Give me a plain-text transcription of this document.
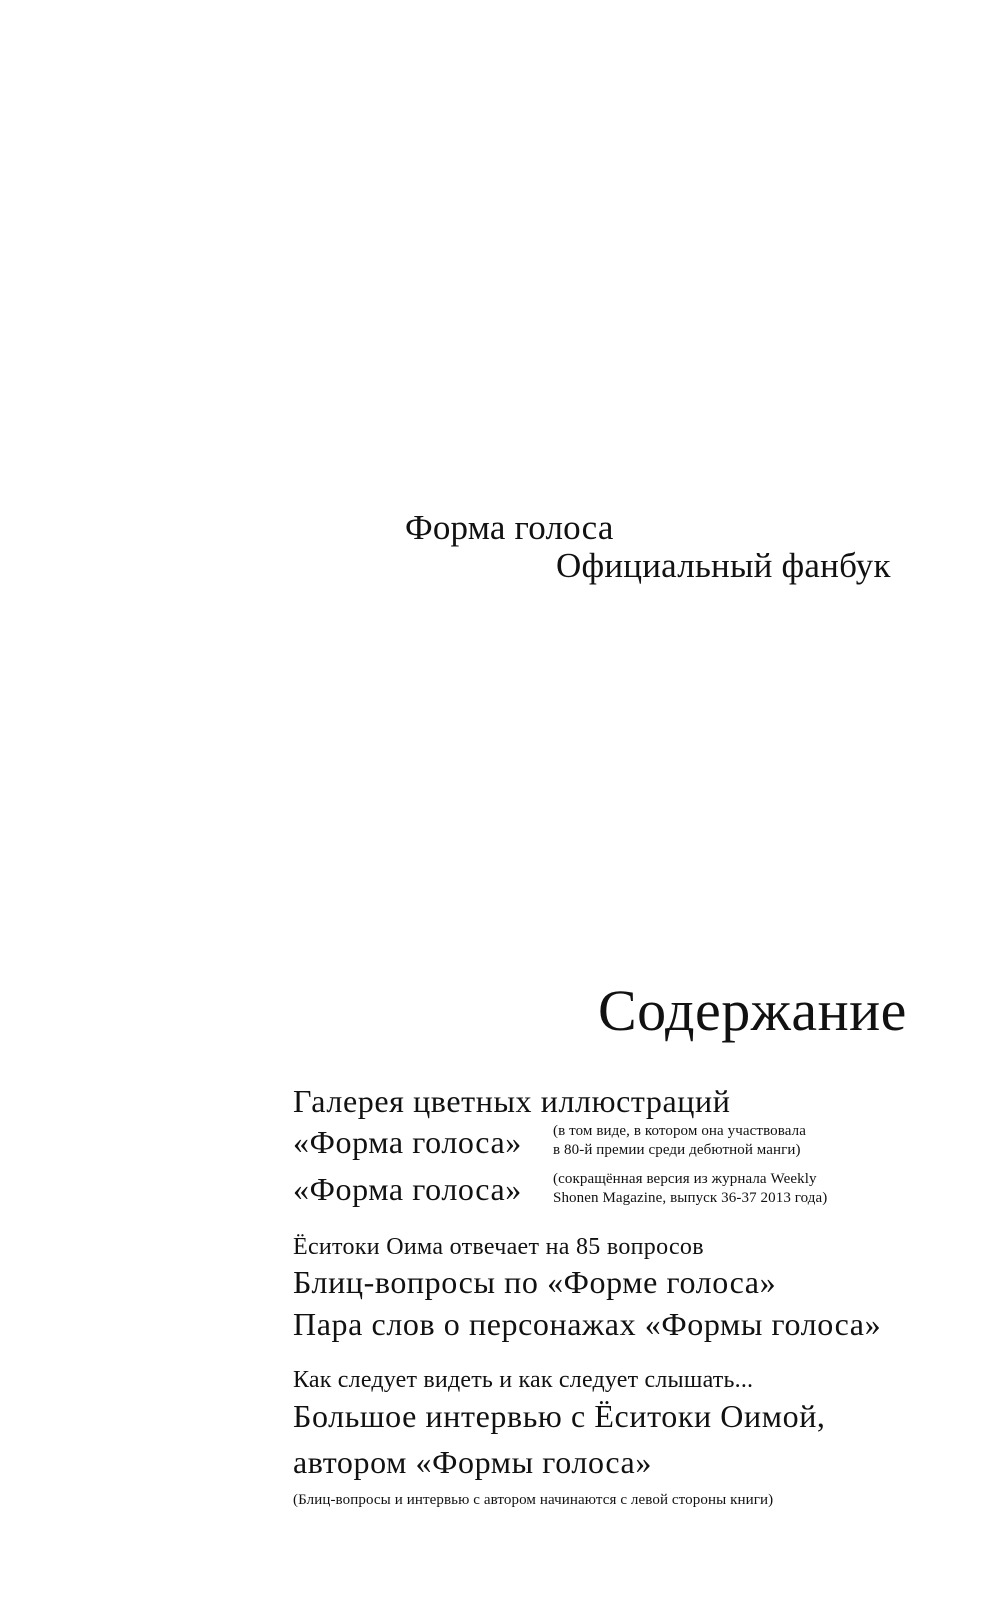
Форма голоса
Официальный фанбук
Содержание
Галерея цветных иллюстраций
«Форма голоса» (в том виде, в котором она участвовала
в 80-й премии среди дебютной манги)
«Форма голоса» (сокращённая версия из журнала Weekly
Shonen Magazine, выпуск 36-37 2013 года)
Ёситоки Оима отвечает на 85 вопросов
Блиц-вопросы по «Форме голоса»
Пара слов о персонажах «Формы голоса»
Как следует видеть и как следует слышать...
Большое интервью с Ёситоки Оимой,
автором «Формы голоса»
(Блиц-вопросы и интервью с автором начинаются с левой стороны книги)
